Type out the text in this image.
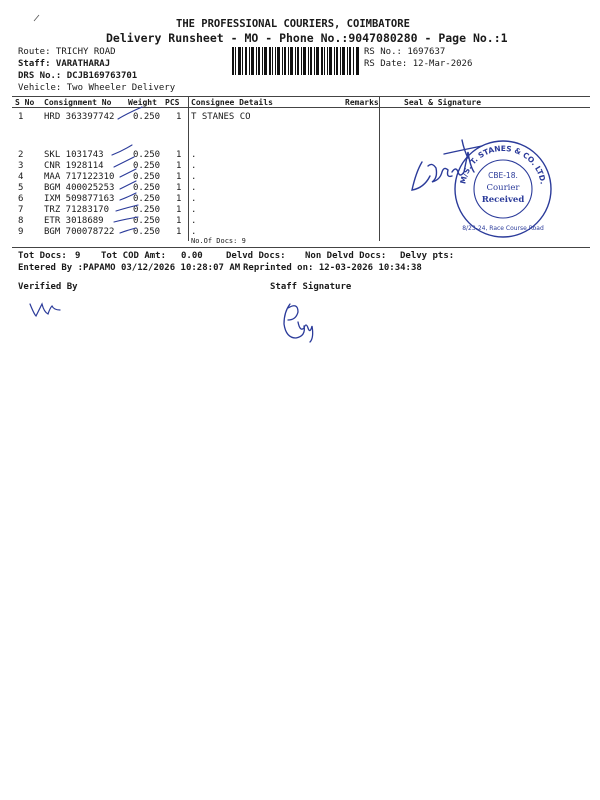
THE PROFESSIONAL COURIERS, COIMBATORE
Delivery Runsheet - MO - Phone No.:9047080280 - Page No.:1
Route: TRICHY ROAD
Staff: VARATHARAJ
DRS No.: DCJB169763701
Vehicle: Two Wheeler Delivery
RS No.: 1697637
RS Date: 12-Mar-2026
S No Consignment No Weight PCS Consignee Details	Remarks	Seal & Signature
1 HRD 363397742 0.250 1 T STANES CO
2 SKL 1031743	0.250 1 .
3 CNR 1928114	0.250 1 .
4 MAA 717122310 0.250 1 .
5 BGM 400025253 0.250 1 .
6 IXM 509877163 0.250 1 .
7 TRZ 71283170	0.250 1 .
8 ETR 3018689	0.250 1 .
9 BGM 700078722 0.250 1 .
No.Of Docs: 9
M/S. T. STANES & CO. LTD.
CBE-18.
Courier
Received
8/23-24, Race Course Road
Tot Docs: 9 Tot COD Amt: 0.00	Delvd Docs: Non Delvd Docs: Delvy pts:
Entered By :PAPAMO 03/12/2026 10:28:07 AM Reprinted on: 12-03-2026 10:34:38
Verified By	Staff Signature
